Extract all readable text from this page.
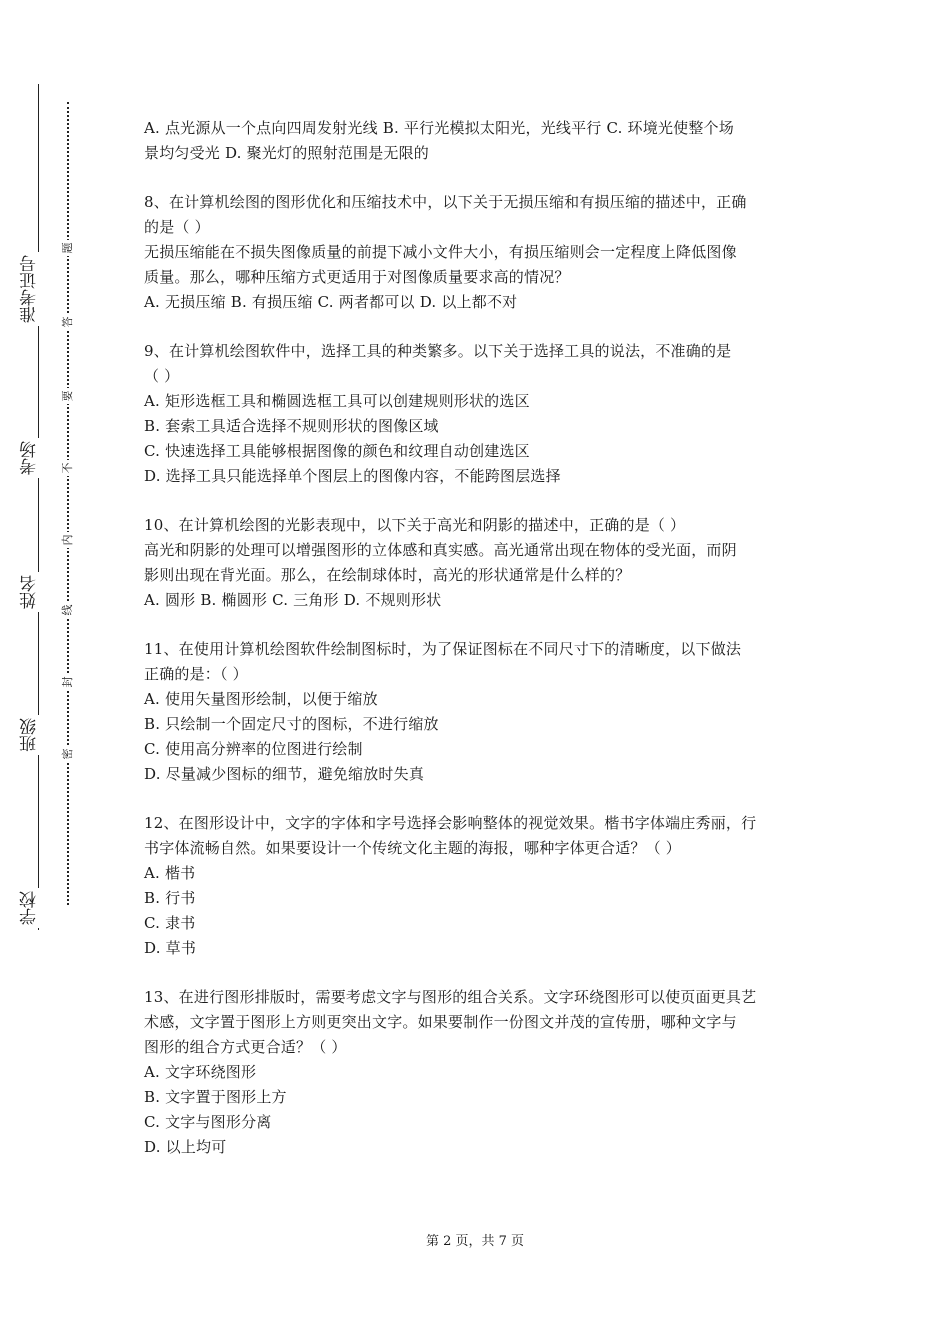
准考证号
考场
姓名
班级
学校
题
答
要
不
内
线
封
密
A. 点光源从一个点向四周发射光线 B. 平行光模拟太阳光，光线平行 C. 环境光使整个场
景均匀受光 D. 聚光灯的照射范围是无限的
8、在计算机绘图的图形优化和压缩技术中，以下关于无损压缩和有损压缩的描述中，正确
的是（ ）
无损压缩能在不损失图像质量的前提下减小文件大小，有损压缩则会一定程度上降低图像
质量。那么，哪种压缩方式更适用于对图像质量要求高的情况？
A. 无损压缩 B. 有损压缩 C. 两者都可以 D. 以上都不对
9、在计算机绘图软件中，选择工具的种类繁多。以下关于选择工具的说法，不准确的是
（ ）
A. 矩形选框工具和椭圆选框工具可以创建规则形状的选区
B. 套索工具适合选择不规则形状的图像区域
C. 快速选择工具能够根据图像的颜色和纹理自动创建选区
D. 选择工具只能选择单个图层上的图像内容，不能跨图层选择
10、在计算机绘图的光影表现中，以下关于高光和阴影的描述中，正确的是（ ）
高光和阴影的处理可以增强图形的立体感和真实感。高光通常出现在物体的受光面，而阴
影则出现在背光面。那么，在绘制球体时，高光的形状通常是什么样的？
A. 圆形 B. 椭圆形 C. 三角形 D. 不规则形状
11、在使用计算机绘图软件绘制图标时，为了保证图标在不同尺寸下的清晰度，以下做法
正确的是：（ ）
A. 使用矢量图形绘制，以便于缩放
B. 只绘制一个固定尺寸的图标，不进行缩放
C. 使用高分辨率的位图进行绘制
D. 尽量减少图标的细节，避免缩放时失真
12、在图形设计中，文字的字体和字号选择会影响整体的视觉效果。楷书字体端庄秀丽，行
书字体流畅自然。如果要设计一个传统文化主题的海报，哪种字体更合适？（ ）
A. 楷书
B. 行书
C. 隶书
D. 草书
13、在进行图形排版时，需要考虑文字与图形的组合关系。文字环绕图形可以使页面更具艺
术感，文字置于图形上方则更突出文字。如果要制作一份图文并茂的宣传册，哪种文字与
图形的组合方式更合适？（ ）
A. 文字环绕图形
B. 文字置于图形上方
C. 文字与图形分离
D. 以上均可
第 2 页，共 7 页
